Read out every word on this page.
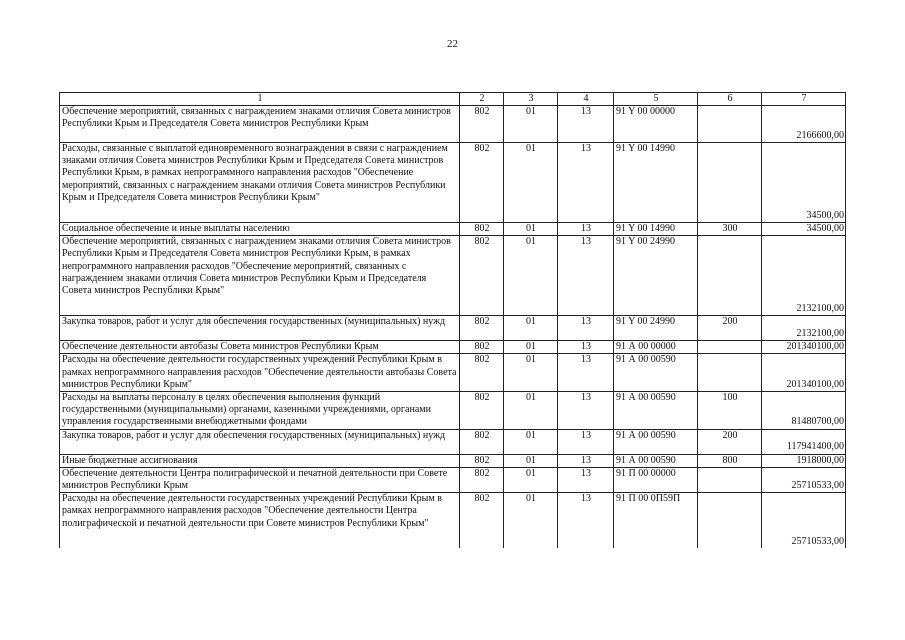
22
1	2	3	4	5	6	7
Обеспечение мероприятий, связанных с награждением знаками отличия Совета министров Республики Крым и Председателя Совета министров Республики Крым	802	01	13	91 Y 00 00000		2166600,00
Расходы, связанные с выплатой единовременного вознаграждения в связи с награждением знаками отличия Совета министров Республики Крым и Председателя Совета министров Республики Крым, в рамках непрограммного направления расходов "Обеспечение мероприятий, связанных с награждением знаками отличия Совета министров Республики Крым и Председателя Совета министров Республики Крым"	802	01	13	91 Y 00 14990		34500,00
Социальное обеспечение и иные выплаты населению	802	01	13	91 Y 00 14990	300	34500,00
Обеспечение мероприятий, связанных с награждением знаками отличия Совета министров Республики Крым и Председателя Совета министров Республики Крым, в рамках непрограммного направления расходов "Обеспечение мероприятий, связанных с награждением знаками отличия Совета министров Республики Крым и Председателя Совета министров Республики Крым"	802	01	13	91 Y 00 24990		2132100,00
Закупка товаров, работ и услуг для обеспечения государственных (муниципальных) нужд	802	01	13	91 Y 00 24990	200	2132100,00
Обеспечение деятельности автобазы Совета министров Республики Крым	802	01	13	91 А 00 00000		201340100,00
Расходы на обеспечение деятельности государственных учреждений Республики Крым в рамках непрограммного направления расходов "Обеспечение деятельности автобазы Совета министров Республики Крым"	802	01	13	91 А 00 00590		201340100,00
Расходы на выплаты персоналу в целях обеспечения выполнения функций государственными (муниципальными) органами, казенными учреждениями, органами управления государственными внебюджетными фондами	802	01	13	91 А 00 00590	100	81480700,00
Закупка товаров, работ и услуг для обеспечения государственных (муниципальных) нужд	802	01	13	91 А 00 00590	200	117941400,00
Иные бюджетные ассигнования	802	01	13	91 А 00 00590	800	1918000,00
Обеспечение деятельности Центра полиграфической и печатной деятельности при Совете министров Республики Крым	802	01	13	91 П 00 00000		25710533,00
Расходы на обеспечение деятельности государственных учреждений Республики Крым в рамках непрограммного направления расходов "Обеспечение деятельности Центра полиграфической и печатной деятельности при Совете министров Республики Крым"	802	01	13	91 П 00 0П59П		25710533,00
